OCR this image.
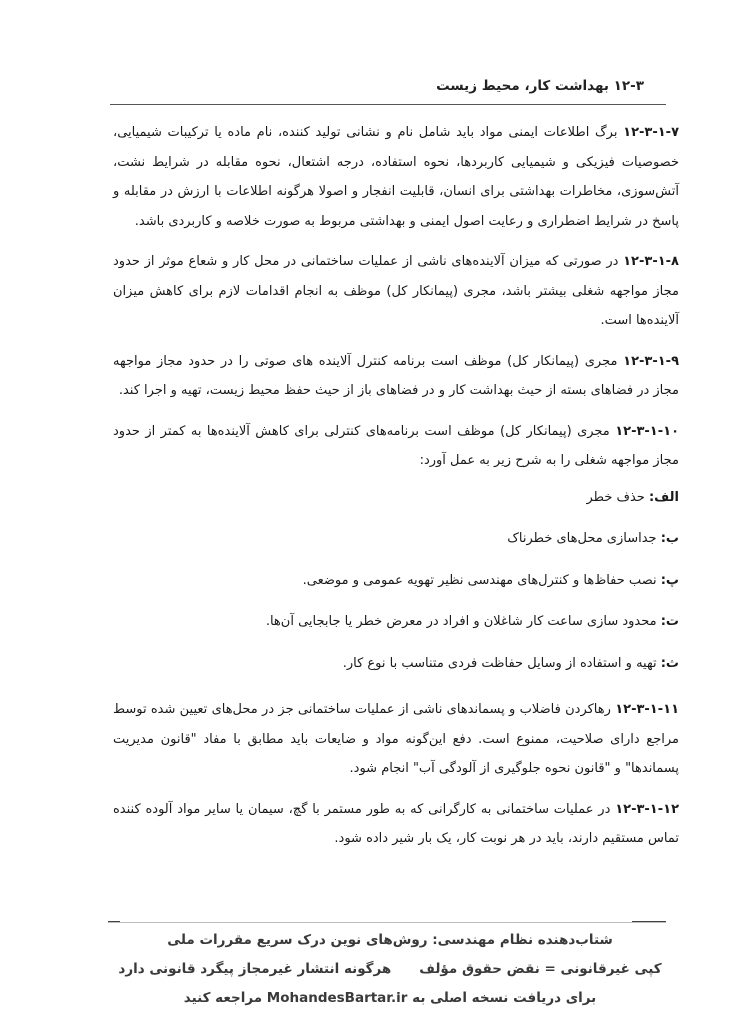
۱۲-۳ بهداشت کار، محیط زیست

۱۲-۳-۱-۷ برگ اطلاعات ایمنی مواد باید شامل نام و نشانی تولید کننده، نام ماده یا ترکیبات شیمیایی، خصوصیات فیزیکی و شیمیایی کاربردها، نحوه استفاده، درجه اشتعال، نحوه مقابله در شرایط نشت، آتش‌سوزی، مخاطرات بهداشتی برای انسان، قابلیت انفجار و اصولا هرگونه اطلاعات با ارزش در مقابله و پاسخ در شرایط اضطراری و رعایت اصول ایمنی و بهداشتی مربوط به صورت خلاصه و کاربردی باشد.

۱۲-۳-۱-۸ در صورتی که میزان آلاینده‌های ناشی از عملیات ساختمانی در محل کار و شعاع موثر از حدود مجاز مواجهه شغلی بیشتر باشد، مجری (پیمانکار کل) موظف به انجام اقدامات لازم برای کاهش میزان آلاینده‌ها است.

۱۲-۳-۱-۹ مجری (پیمانکار کل) موظف است برنامه کنترل آلاینده های صوتی را در حدود مجاز مواجهه مجاز در فضاهای بسته از حیث بهداشت کار و در فضاهای باز از حیث حفظ محیط زیست، تهیه و اجرا کند.

۱۲-۳-۱-۱۰ مجری (پیمانکار کل) موظف است برنامه‌های کنترلی برای کاهش آلاینده‌ها به کمتر از حدود مجاز مواجهه شغلی را به شرح زیر به عمل آورد:

الف: حذف خطر
ب: جداسازی محل‌های خطرناک
پ: نصب حفاظ‌ها و کنترل‌های مهندسی نظیر تهویه عمومی و موضعی.
ت: محدود سازی ساعت کار شاغلان و افراد در معرض خطر یا جابجایی آن‌ها.
ث: تهیه و استفاده از وسایل حفاظت فردی متناسب با نوع کار.

۱۲-۳-۱-۱۱ رهاکردن فاضلاب و پسماندهای ناشی از عملیات ساختمانی جز در محل‌های تعیین شده توسط مراجع دارای صلاحیت، ممنوع است. دفع این‌گونه مواد و ضایعات باید مطابق با مفاد "قانون مدیریت پسماندها" و "قانون نحوه جلوگیری از آلودگی آب" انجام شود.

۱۲-۳-۱-۱۲ در عملیات ساختمانی به کارگرانی که به طور مستمر با گچ، سیمان یا سایر مواد آلوده کننده تماس مستقیم دارند، باید در هر نوبت کار، یک بار شیر داده شود.

شتاب‌دهنده نظام مهندسی: روش‌های نوین درک سریع مقررات ملی
کپی غیرقانونی = نقض حقوق مؤلفهرگونه انتشار غیرمجاز پیگرد قانونی دارد
برای دریافت نسخه اصلی به MohandesBartar.ir مراجعه کنید
